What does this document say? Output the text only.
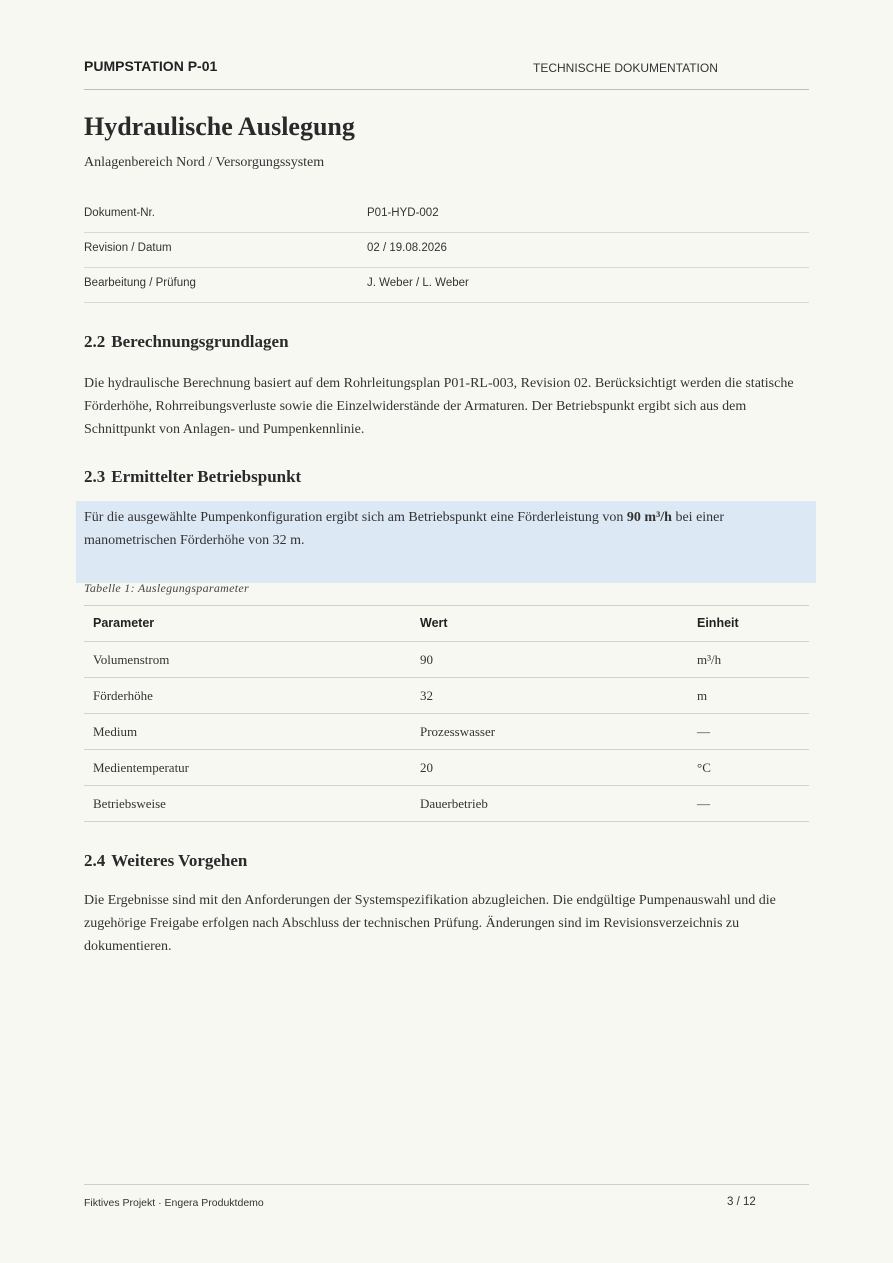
PUMPSTATION P-01	TECHNISCHE DOKUMENTATION
Hydraulische Auslegung
Anlagenbereich Nord / Versorgungssystem
Dokument-Nr.	P01-HYD-002
Revision / Datum	02 / 19.08.2026
Bearbeitung / Prüfung	J. Weber / L. Weber
2.2 Berechnungsgrundlagen

Die hydraulische Berechnung basiert auf dem Rohrleitungsplan P01-RL-003, Revision 02. Berücksichtigt werden die statische Förderhöhe, Rohrreibungsverluste sowie die Einzelwiderstände der Armaturen. Der Betriebspunkt ergibt sich aus dem Schnittpunkt von Anlagen- und Pumpenkennlinie.

2.3 Ermittelter Betriebspunkt

Für die ausgewählte Pumpenkonfiguration ergibt sich am Betriebspunkt eine Förderleistung von 90 m³/h bei einer manometrischen Förderhöhe von 32 m.

Tabelle 1: Auslegungsparameter
Parameter	Wert	Einheit
Volumenstrom	90	m³/h
Förderhöhe	32	m
Medium	Prozesswasser	—
Medientemperatur	20	°C
Betriebsweise	Dauerbetrieb	—
2.4 Weiteres Vorgehen

Die Ergebnisse sind mit den Anforderungen der Systemspezifikation abzugleichen. Die endgültige Pumpenauswahl und die zugehörige Freigabe erfolgen nach Abschluss der technischen Prüfung. Änderungen sind im Revisionsverzeichnis zu dokumentieren.

Fiktives Projekt · Engera Produktdemo	3 / 12
